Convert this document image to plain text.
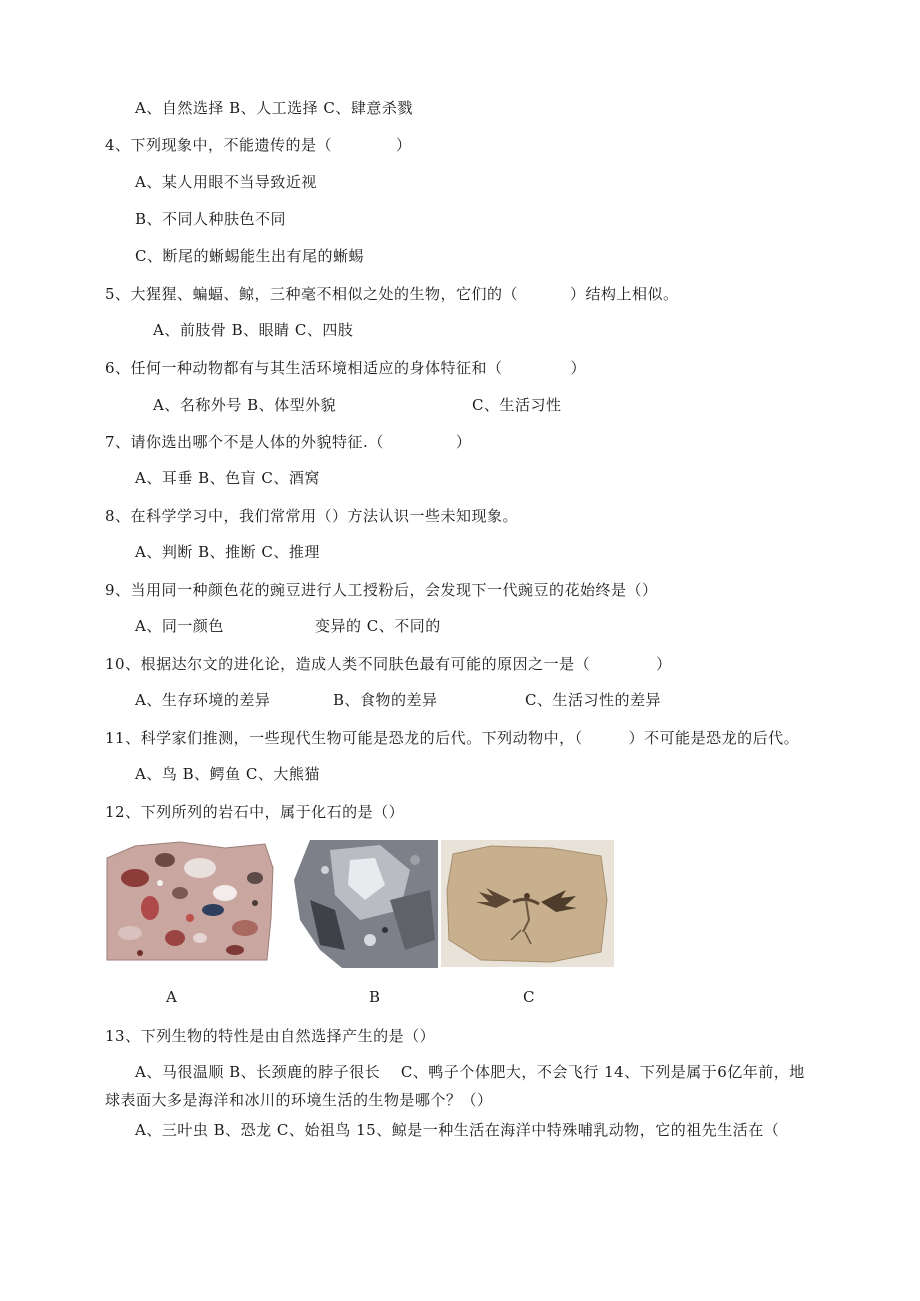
A、自然选择 B、人工选择 C、肆意杀戮
4、下列现象中，不能遗传的是（	）
A、某人用眼不当导致近视
B、不同人种肤色不同
C、断尾的蜥蜴能生出有尾的蜥蜴
5、大猩猩、蝙蝠、鲸，三种毫不相似之处的生物，它们的（	）结构上相似。
A、前肢骨 B、眼睛 C、四肢
6、任何一种动物都有与其生活环境相适应的身体特征和（	）
A、名称外号 B、体型外貌	C、生活习性
7、请你选出哪个不是人体的外貌特征.（	）
A、耳垂 B、色盲 C、酒窝
8、在科学学习中，我们常常用（）方法认识一些未知现象。
A、判断 B、推断 C、推理
9、当用同一种颜色花的豌豆进行人工授粉后，会发现下一代豌豆的花始终是（）
A、同一颜色	变异的 C、不同的
10、根据达尔文的进化论，造成人类不同肤色最有可能的原因之一是（	）
A、生存环境的差异	B、食物的差异	C、生活习性的差异
11、科学家们推测，一些现代生物可能是恐龙的后代。下列动物中，（	）不可能是恐龙的后代。
A、鸟 B、鳄鱼 C、大熊猫
12、下列所列的岩石中，属于化石的是（）
A	B	C
13、下列生物的特性是由自然选择产生的是（）
A、马很温顺 B、长颈鹿的脖子很长　 C、鸭子个体肥大，不会飞行 14、下列是属于6亿年前，地球表面大多是海洋和冰川的环境生活的生物是哪个？（）
A、三叶虫 B、恐龙 C、始祖鸟 15、鲸是一种生活在海洋中特殊哺乳动物，它的祖先生活在（
